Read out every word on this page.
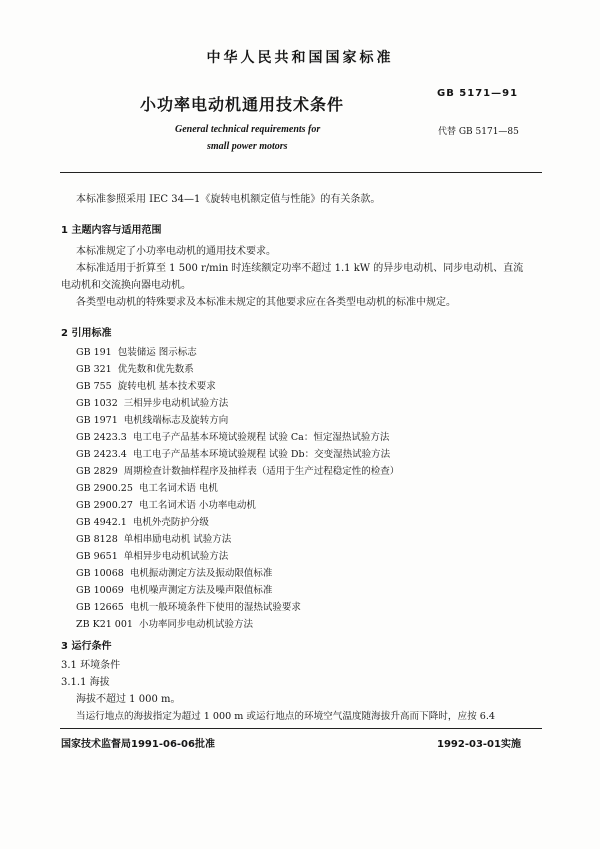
中华人民共和国国家标准
小功率电动机通用技术条件
GB 5171—91
General technical requirements for
small power motors
代替 GB 5171—85
本标准参照采用 IEC 34—1《旋转电机额定值与性能》的有关条款。
1 主题内容与适用范围
本标准规定了小功率电动机的通用技术要求。
本标准适用于折算至 1 500 r/min 时连续额定功率不超过 1.1 kW 的异步电动机、同步电动机、直流
电动机和交流换向器电动机。
各类型电动机的特殊要求及本标准未规定的其他要求应在各类型电动机的标准中规定。
2 引用标准
GB 191 包装储运 图示标志
GB 321 优先数和优先数系
GB 755 旋转电机 基本技术要求
GB 1032 三相异步电动机试验方法
GB 1971 电机线端标志及旋转方向
GB 2423.3 电工电子产品基本环境试验规程 试验 Ca：恒定湿热试验方法
GB 2423.4 电工电子产品基本环境试验规程 试验 Db：交变湿热试验方法
GB 2829 周期检查计数抽样程序及抽样表（适用于生产过程稳定性的检查）
GB 2900.25 电工名词术语 电机
GB 2900.27 电工名词术语 小功率电动机
GB 4942.1 电机外壳防护分级
GB 8128 单相串励电动机 试验方法
GB 9651 单相异步电动机试验方法
GB 10068 电机振动测定方法及振动限值标准
GB 10069 电机噪声测定方法及噪声限值标准
GB 12665 电机一般环境条件下使用的湿热试验要求
ZB K21 001 小功率同步电动机试验方法
3 运行条件
3.1 环境条件
3.1.1 海拔
海拔不超过 1 000 m。
当运行地点的海拔指定为超过 1 000 m 或运行地点的环境空气温度随海拔升高而下降时，应按 6.4
国家技术监督局1991-06-06批准	1992-03-01实施
